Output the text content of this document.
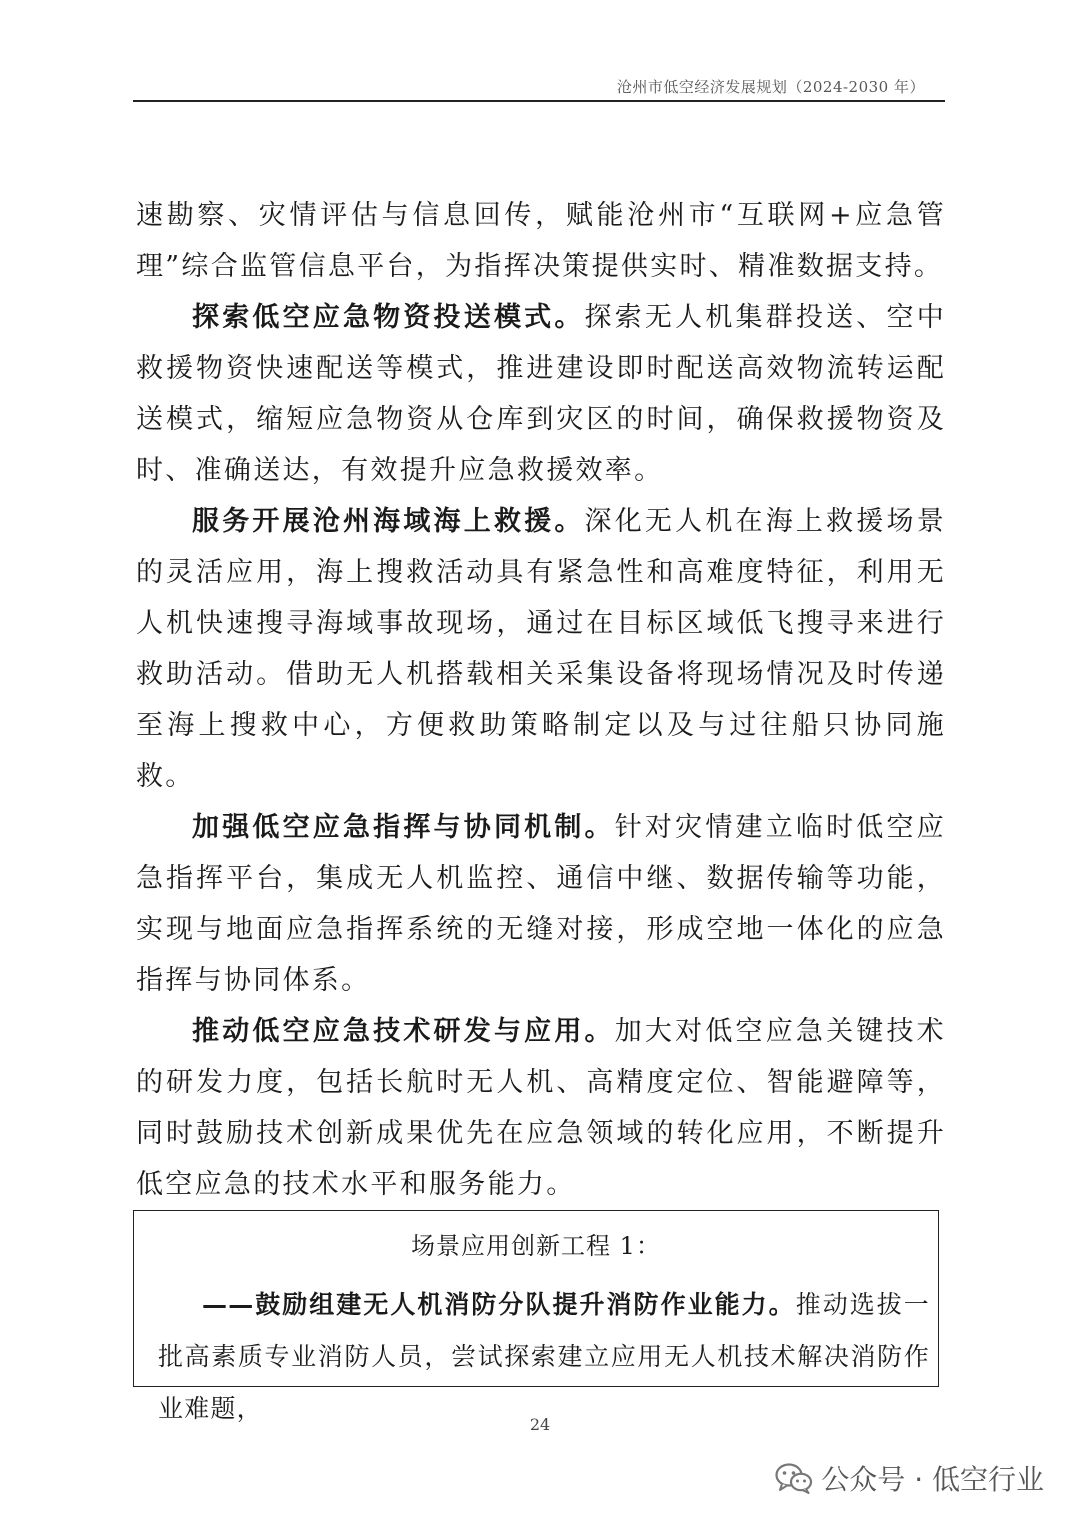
沧州市低空经济发展规划（2024-2030 年）

速勘察、灾情评估与信息回传，赋能沧州市“互联网+应急管理”综合监管信息平台，为指挥决策提供实时、精准数据支持。

探索低空应急物资投送模式。探索无人机集群投送、空中救援物资快速配送等模式，推进建设即时配送高效物流转运配送模式，缩短应急物资从仓库到灾区的时间，确保救援物资及时、准确送达，有效提升应急救援效率。

服务开展沧州海域海上救援。深化无人机在海上救援场景的灵活应用，海上搜救活动具有紧急性和高难度特征，利用无人机快速搜寻海域事故现场，通过在目标区域低飞搜寻来进行救助活动。借助无人机搭载相关采集设备将现场情况及时传递至海上搜救中心，方便救助策略制定以及与过往船只协同施救。

加强低空应急指挥与协同机制。针对灾情建立临时低空应急指挥平台，集成无人机监控、通信中继、数据传输等功能，实现与地面应急指挥系统的无缝对接，形成空地一体化的应急指挥与协同体系。

推动低空应急技术研发与应用。加大对低空应急关键技术的研发力度，包括长航时无人机、高精度定位、智能避障等，同时鼓励技术创新成果优先在应急领域的转化应用，不断提升低空应急的技术水平和服务能力。

场景应用创新工程 1：
——鼓励组建无人机消防分队提升消防作业能力。推动选拔一批高素质专业消防人员，尝试探索建立应用无人机技术解决消防作业难题，
24
公众号 · 低空行业
